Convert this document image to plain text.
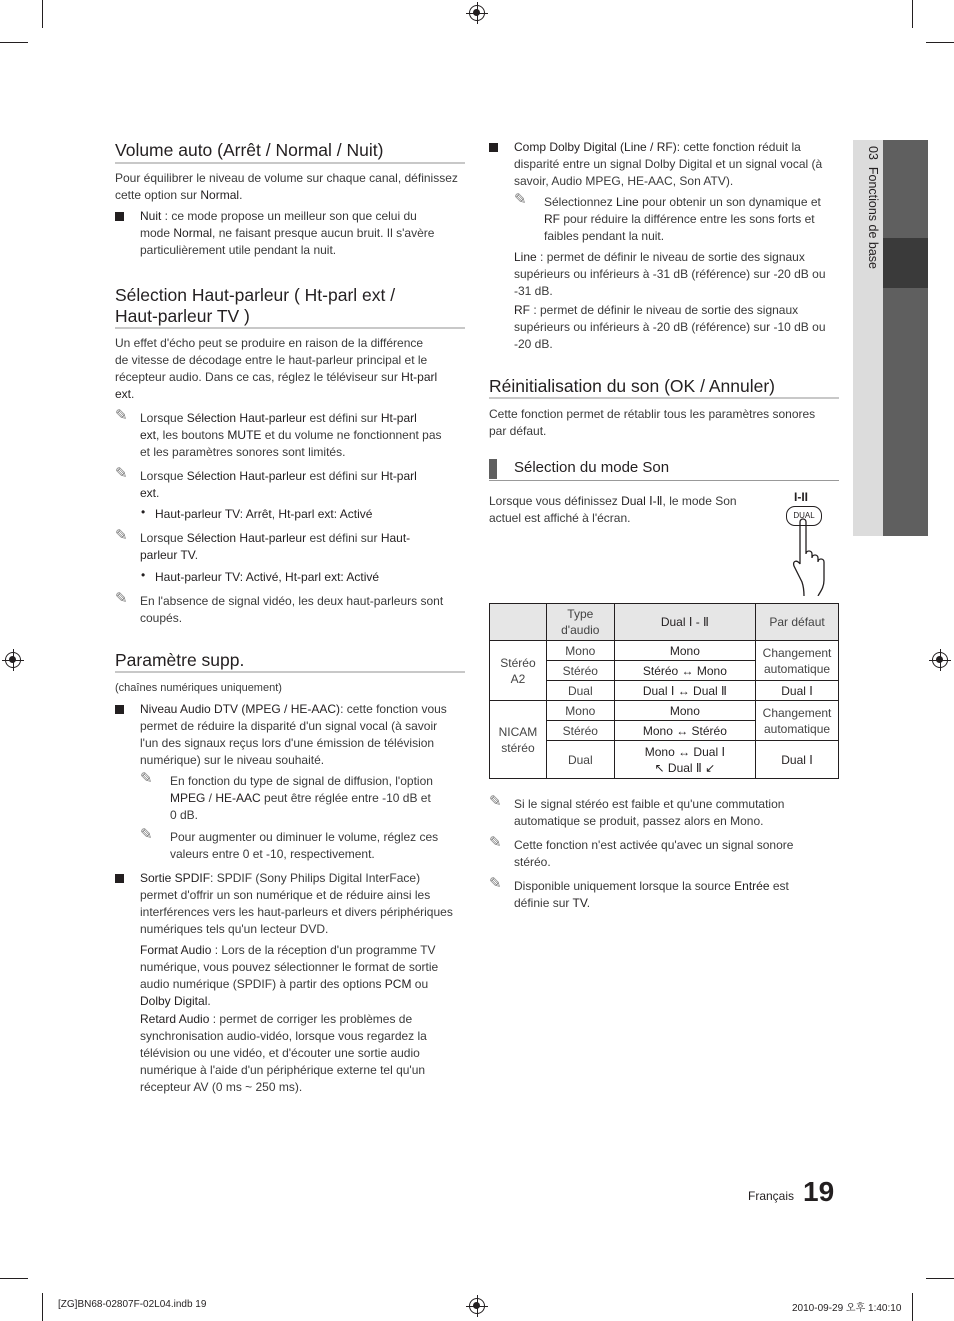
03  Fonctions de base
Volume auto (Arrêt / Normal / Nuit)
Pour équilibrer le niveau de volume sur chaque canal, définissez
cette option sur Normal.
Nuit : ce mode propose un meilleur son que celui du
mode Normal, ne faisant presque aucun bruit. Il s'avère
particulièrement utile pendant la nuit.
Sélection Haut-parleur ( Ht-parl ext /
Haut-parleur TV )
Un effet d'écho peut se produire en raison de la différence
de vitesse de décodage entre le haut-parleur principal et le
récepteur audio. Dans ce cas, réglez le téléviseur sur Ht-parl
ext.
✎ Lorsque Sélection Haut-parleur est défini sur Ht-parl
ext, les boutons MUTE et du volume ne fonctionnent pas
et les paramètres sonores sont limités.
✎ Lorsque Sélection Haut-parleur est défini sur Ht-parl
ext.
• Haut-parleur TV: Arrêt, Ht-parl ext: Activé
✎ Lorsque Sélection Haut-parleur est défini sur Haut-
parleur TV.
• Haut-parleur TV: Activé, Ht-parl ext: Activé
✎ En l'absence de signal vidéo, les deux haut-parleurs sont
coupés.
Paramètre supp.
(chaînes numériques uniquement)
Niveau Audio DTV (MPEG / HE-AAC): cette fonction vous
permet de réduire la disparité d'un signal vocal (à savoir
l'un des signaux reçus lors d'une émission de télévision
numérique) sur le niveau souhaité.
✎ En fonction du type de signal de diffusion, l'option
MPEG / HE-AAC peut être réglée entre -10 dB et
0 dB.
✎ Pour augmenter ou diminuer le volume, réglez ces
valeurs entre 0 et -10, respectivement.
Sortie SPDIF: SPDIF (Sony Philips Digital InterFace)
permet d'offrir un son numérique et de réduire ainsi les
interférences vers les haut-parleurs et divers périphériques
numériques tels qu'un lecteur DVD.
Format Audio : Lors de la réception d'un programme TV
numérique, vous pouvez sélectionner le format de sortie
audio numérique (SPDIF) à partir des options PCM ou
Dolby Digital.
Retard Audio : permet de corriger les problèmes de
synchronisation audio-vidéo, lorsque vous regardez la
télévision ou une vidéo, et d'écouter une sortie audio
numérique à l'aide d'un périphérique externe tel qu'un
récepteur AV (0 ms ~ 250 ms).
Comp Dolby Digital (Line / RF): cette fonction réduit la
disparité entre un signal Dolby Digital et un signal vocal (à
savoir, Audio MPEG, HE-AAC, Son ATV).
✎ Sélectionnez Line pour obtenir un son dynamique et
RF pour réduire la différence entre les sons forts et
faibles pendant la nuit.
Line : permet de définir le niveau de sortie des signaux
supérieurs ou inférieurs à -31 dB (référence) sur -20 dB ou
-31 dB.
RF : permet de définir le niveau de sortie des signaux
supérieurs ou inférieurs à -20 dB (référence) sur -10 dB ou
-20 dB.
Réinitialisation du son (OK / Annuler)
Cette fonction permet de rétablir tous les paramètres sonores
par défaut.
Sélection du mode Son
Lorsque vous définissez Dual Ⅰ-Ⅱ, le mode Son
actuel est affiché à l'écran.
I-II
DUAL
	Type
d'audio	Dual Ⅰ - Ⅱ	Par défaut
Stéréo
A2	Mono	Mono	Changement
automatique
	Stéréo	Stéréo ↔ Mono	
	Dual	Dual Ⅰ ↔ Dual Ⅱ	Dual Ⅰ
NICAM
stéréo	Mono	Mono	Changement
automatique
	Stéréo	Mono ↔ Stéréo	
	Dual	Mono ↔ Dual Ⅰ
↖ Dual Ⅱ ↙	Dual Ⅰ
✎ Si le signal stéréo est faible et qu'une commutation
automatique se produit, passez alors en Mono.
✎ Cette fonction n'est activée qu'avec un signal sonore
stéréo.
✎ Disponible uniquement lorsque la source Entrée est
définie sur TV.
Français 19
[ZG]BN68-02807F-02L04.indb 19	2010-09-29 오후 1:40:10
